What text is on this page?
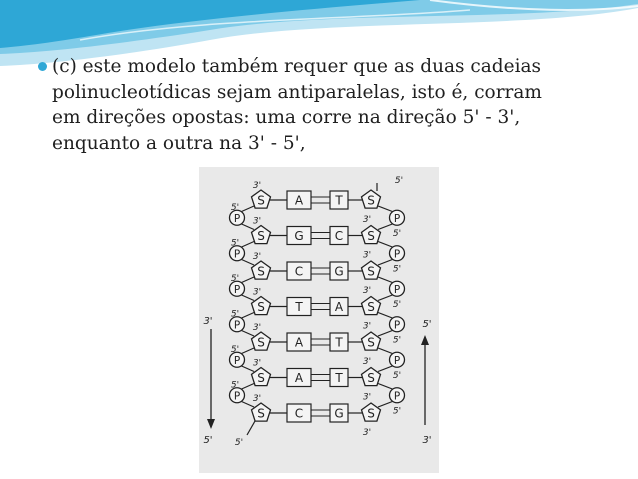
(c) este modelo também requer que as duas cadeias
polinucleotídicas sejam antiparalelas, isto é, corram
em direções opostas: uma corre na direção 5' - 3',
enquanto a outra na 3' - 5',
S	S
A	T
3'
3'
P	P
5'
5'
S	S
G	C
3'
3'
P	P
5'
5'
S	S
C	G
3'
3'
P	P
5'
5'
S	S
T	A
3'
3'
P	P
5'
5'
S	S
A	T
3'
3'
P	P
5'
5'
S	S
A	T
3'
3'
P	P
5'
5'
S	S
C	G
3'
3'
5'
5'
3'
5'
5'
3'
